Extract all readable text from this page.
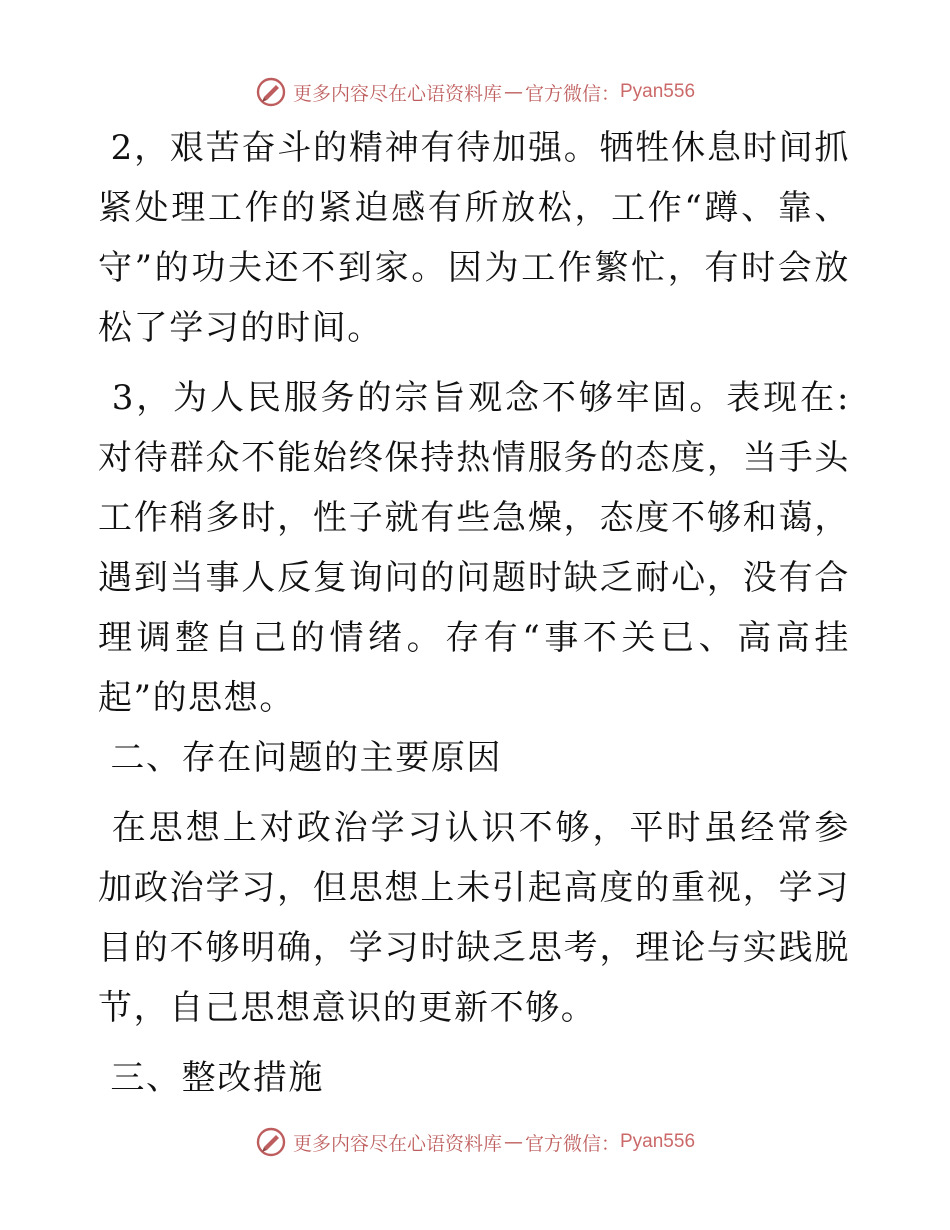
更多内容尽在心语资料库 — 官方微信： Pyan556

2，艰苦奋斗的精神有待加强。牺牲休息时间抓紧处理工作的紧迫感有所放松，工作“蹲、靠、守”的功夫还不到家。因为工作繁忙，有时会放松了学习的时间。

3，为人民服务的宗旨观念不够牢固。表现在: 对待群众不能始终保持热情服务的态度，当手头工作稍多时，性子就有些急燥，态度不够和蔼，遇到当事人反复询问的问题时缺乏耐心，没有合理调整自己的情绪。存有“事不关已、高高挂起”的思想。

二、存在问题的主要原因

在思想上对政治学习认识不够，平时虽经常参加政治学习，但思想上未引起高度的重视，学习目的不够明确，学习时缺乏思考，理论与实践脱节，自己思想意识的更新不够。

三、整改措施

更多内容尽在心语资料库 — 官方微信： Pyan556
